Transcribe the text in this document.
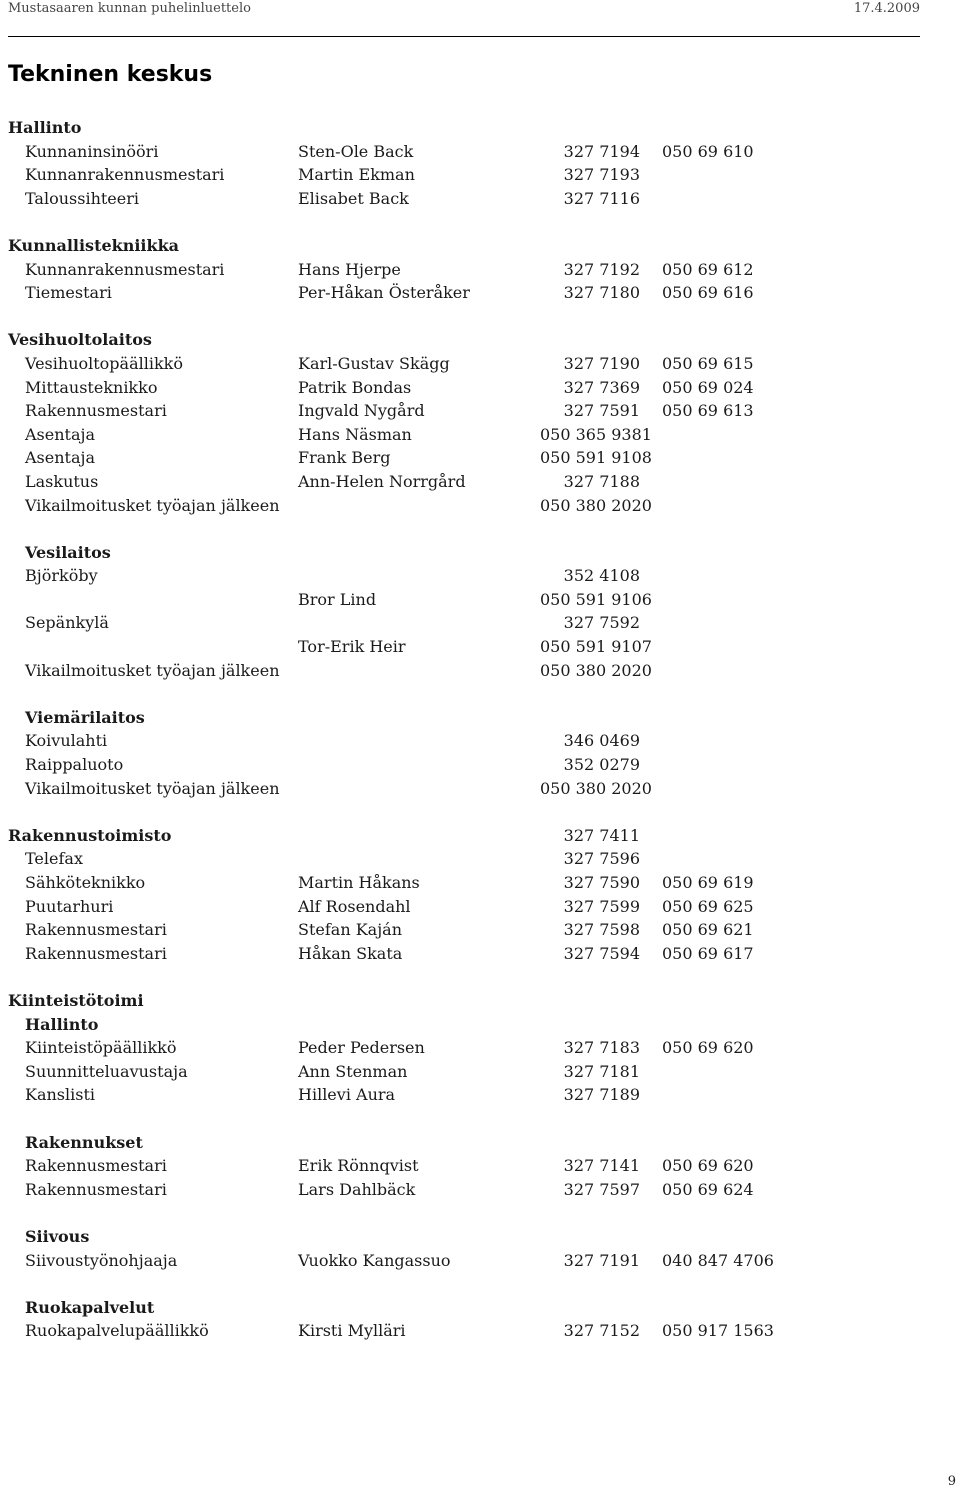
Mustasaaren kunnan puhelinluettelo	17.4.2009
Tekninen keskus
Hallinto
Kunnaninsinööri	Sten-Ole Back	327 7194 050 69 610
Kunnanrakennusmestari	Martin Ekman	327 7193
Taloussihteeri	Elisabet Back	327 7116
Kunnallistekniikka
Kunnanrakennusmestari	Hans Hjerpe	327 7192 050 69 612
Tiemestari	Per-Håkan Österåker	327 7180 050 69 616
Vesihuoltolaitos
Vesihuoltopäällikkö	Karl-Gustav Skägg	327 7190 050 69 615
Mittausteknikko	Patrik Bondas	327 7369 050 69 024
Rakennusmestari	Ingvald Nygård	327 7591 050 69 613
Asentaja	Hans Näsman	050 365 9381
Asentaja	Frank Berg	050 591 9108
Laskutus	Ann-Helen Norrgård	327 7188
Vikailmoitusket työajan jälkeen	050 380 2020
Vesilaitos
Björköby	352 4108
Bror Lind	050 591 9106
Sepänkylä	327 7592
Tor-Erik Heir	050 591 9107
Vikailmoitusket työajan jälkeen	050 380 2020
Viemärilaitos
Koivulahti	346 0469
Raippaluoto	352 0279
Vikailmoitusket työajan jälkeen	050 380 2020
Rakennustoimisto	327 7411
Telefax	327 7596
Sähköteknikko	Martin Håkans	327 7590 050 69 619
Puutarhuri	Alf Rosendahl	327 7599 050 69 625
Rakennusmestari	Stefan Kaján	327 7598 050 69 621
Rakennusmestari	Håkan Skata	327 7594 050 69 617
Kiinteistötoimi
Hallinto
Kiinteistöpäällikkö	Peder Pedersen	327 7183 050 69 620
Suunnitteluavustaja	Ann Stenman	327 7181
Kanslisti	Hillevi Aura	327 7189
Rakennukset
Rakennusmestari	Erik Rönnqvist	327 7141 050 69 620
Rakennusmestari	Lars Dahlbäck	327 7597 050 69 624
Siivous
Siivoustyönohjaaja	Vuokko Kangassuo	327 7191 040 847 4706
Ruokapalvelut
Ruokapalvelupäällikkö	Kirsti Mylläri	327 7152 050 917 1563
9
